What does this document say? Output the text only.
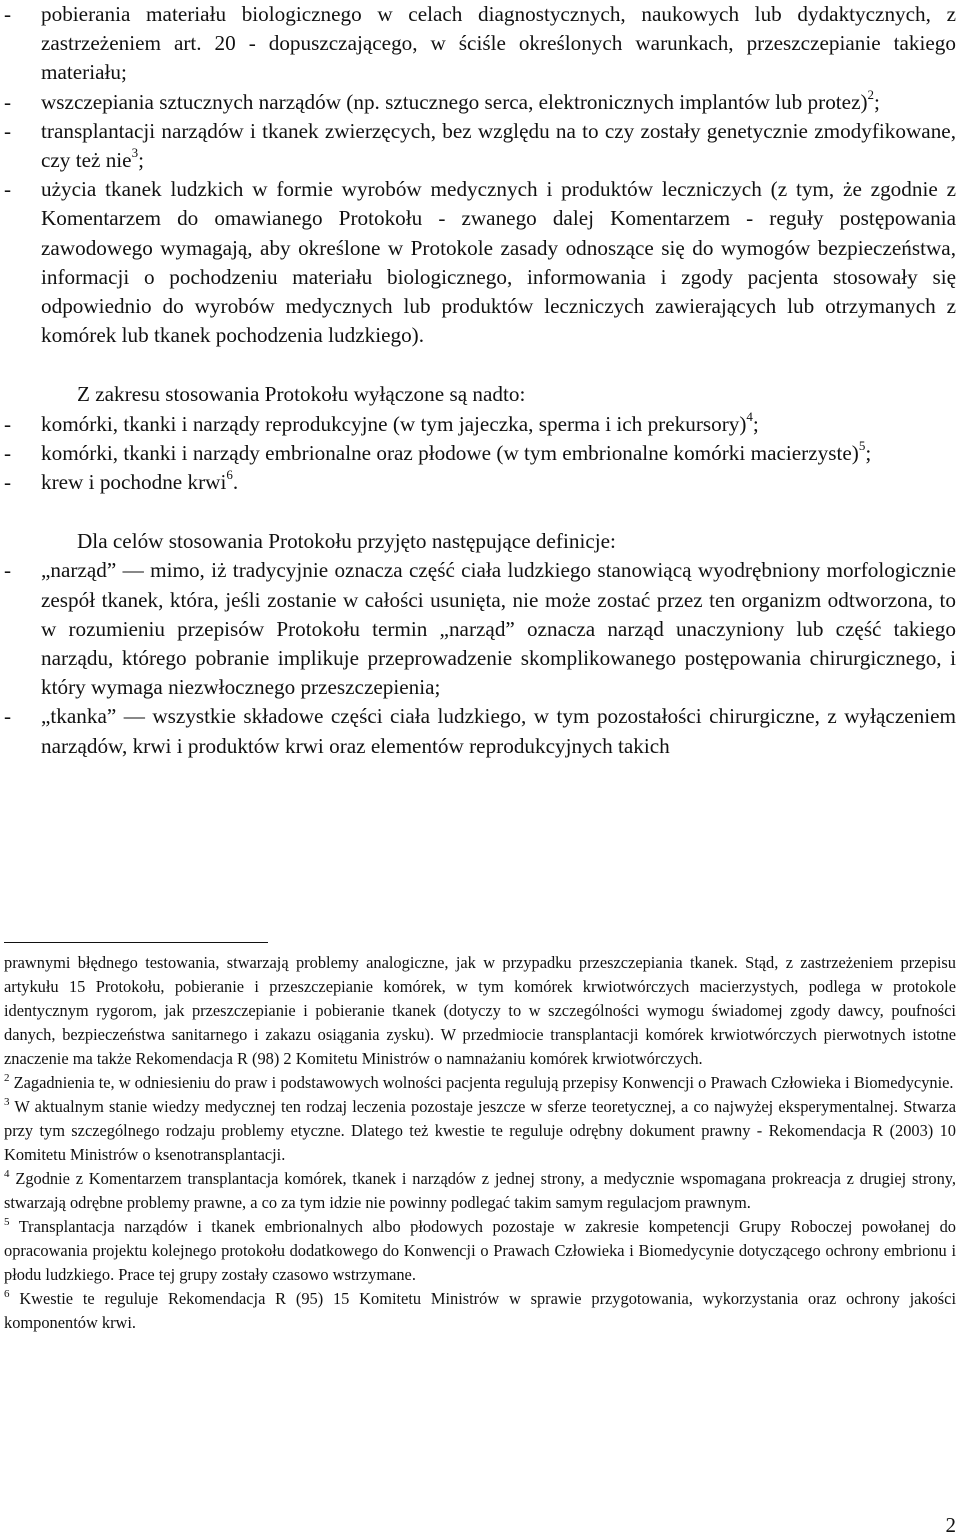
-	pobierania materiału biologicznego w celach diagnostycznych, naukowych lub dydaktycznych, z zastrzeżeniem art. 20 - dopuszczającego, w ściśle określonych warunkach, przeszczepianie takiego materiału;
-	wszczepiania sztucznych narządów (np. sztucznego serca, elektronicznych implantów lub protez)$^2$;
-	transplantacji narządów i tkanek zwierzęcych, bez względu na to czy zostały genetycznie zmodyfikowane, czy też nie$^3$;
-	użycia tkanek ludzkich w formie wyrobów medycznych i produktów leczniczych (z tym, że zgodnie z Komentarzem do omawianego Protokołu - zwanego dalej Komentarzem - reguły postępowania zawodowego wymagają, aby określone w Protokole zasady odnoszące się do wymogów bezpieczeństwa, informacji o pochodzeniu materiału biologicznego, informowania i zgody pacjenta stosowały się odpowiednio do wyrobów medycznych lub produktów leczniczych zawierających lub otrzymanych z komórek lub tkanek pochodzenia ludzkiego).
Z zakresu stosowania Protokołu wyłączone są nadto:
-	komórki, tkanki i narządy reprodukcyjne (w tym jajeczka, sperma i ich prekursory)$^4$;
-	komórki, tkanki i narządy embrionalne oraz płodowe (w tym embrionalne komórki macierzyste)$^5$;
-	krew i pochodne krwi$^6$.
Dla celów stosowania Protokołu przyjęto następujące definicje:
-	„narząd” — mimo, iż tradycyjnie oznacza część ciała ludzkiego stanowiącą wyodrębniony morfologicznie zespół tkanek, która, jeśli zostanie w całości usunięta, nie może zostać przez ten organizm odtworzona, to w rozumieniu przepisów Protokołu termin „narząd” oznacza narząd unaczyniony lub część takiego narządu, którego pobranie implikuje przeprowadzenie skomplikowanego postępowania chirurgicznego, i który wymaga niezwłocznego przeszczepienia;
-	„tkanka” — wszystkie składowe części ciała ludzkiego, w tym pozostałości chirurgiczne, z wyłączeniem narządów, krwi i produktów krwi oraz elementów reprodukcyjnych takich
prawnymi błędnego testowania, stwarzają problemy analogiczne, jak w przypadku przeszczepiania tkanek. Stąd, z zastrzeżeniem przepisu artykułu 15 Protokołu, pobieranie i przeszczepianie komórek, w tym komórek krwiotwórczych macierzystych, podlega w protokole identycznym rygorom, jak przeszczepianie i pobieranie tkanek (dotyczy to w szczególności wymogu świadomej zgody dawcy, poufności danych, bezpieczeństwa sanitarnego i zakazu osiągania zysku). W przedmiocie transplantacji komórek krwiotwórczych pierwotnych istotne znaczenie ma także Rekomendacja R (98) 2 Komitetu Ministrów o namnażaniu komórek krwiotwórczych.
$^2$ Zagadnienia te, w odniesieniu do praw i podstawowych wolności pacjenta regulują przepisy Konwencji o Prawach Człowieka i Biomedycynie.
$^3$ W aktualnym stanie wiedzy medycznej ten rodzaj leczenia pozostaje jeszcze w sferze teoretycznej, a co najwyżej eksperymentalnej. Stwarza przy tym szczególnego rodzaju problemy etyczne. Dlatego też kwestie te reguluje odrębny dokument prawny - Rekomendacja R (2003) 10 Komitetu Ministrów o ksenotransplantacji.
$^4$ Zgodnie z Komentarzem transplantacja komórek, tkanek i narządów z jednej strony, a medycznie wspomagana prokreacja z drugiej strony, stwarzają odrębne problemy prawne, a co za tym idzie nie powinny podlegać takim samym regulacjom prawnym.
$^5$ Transplantacja narządów i tkanek embrionalnych albo płodowych pozostaje w zakresie kompetencji Grupy Roboczej powołanej do opracowania projektu kolejnego protokołu dodatkowego do Konwencji o Prawach Człowieka i Biomedycynie dotyczącego ochrony embrionu i płodu ludzkiego. Prace tej grupy zostały czasowo wstrzymane.
$^6$ Kwestie te reguluje Rekomendacja R (95) 15 Komitetu Ministrów w sprawie przygotowania, wykorzystania oraz ochrony jakości komponentów krwi.
2
